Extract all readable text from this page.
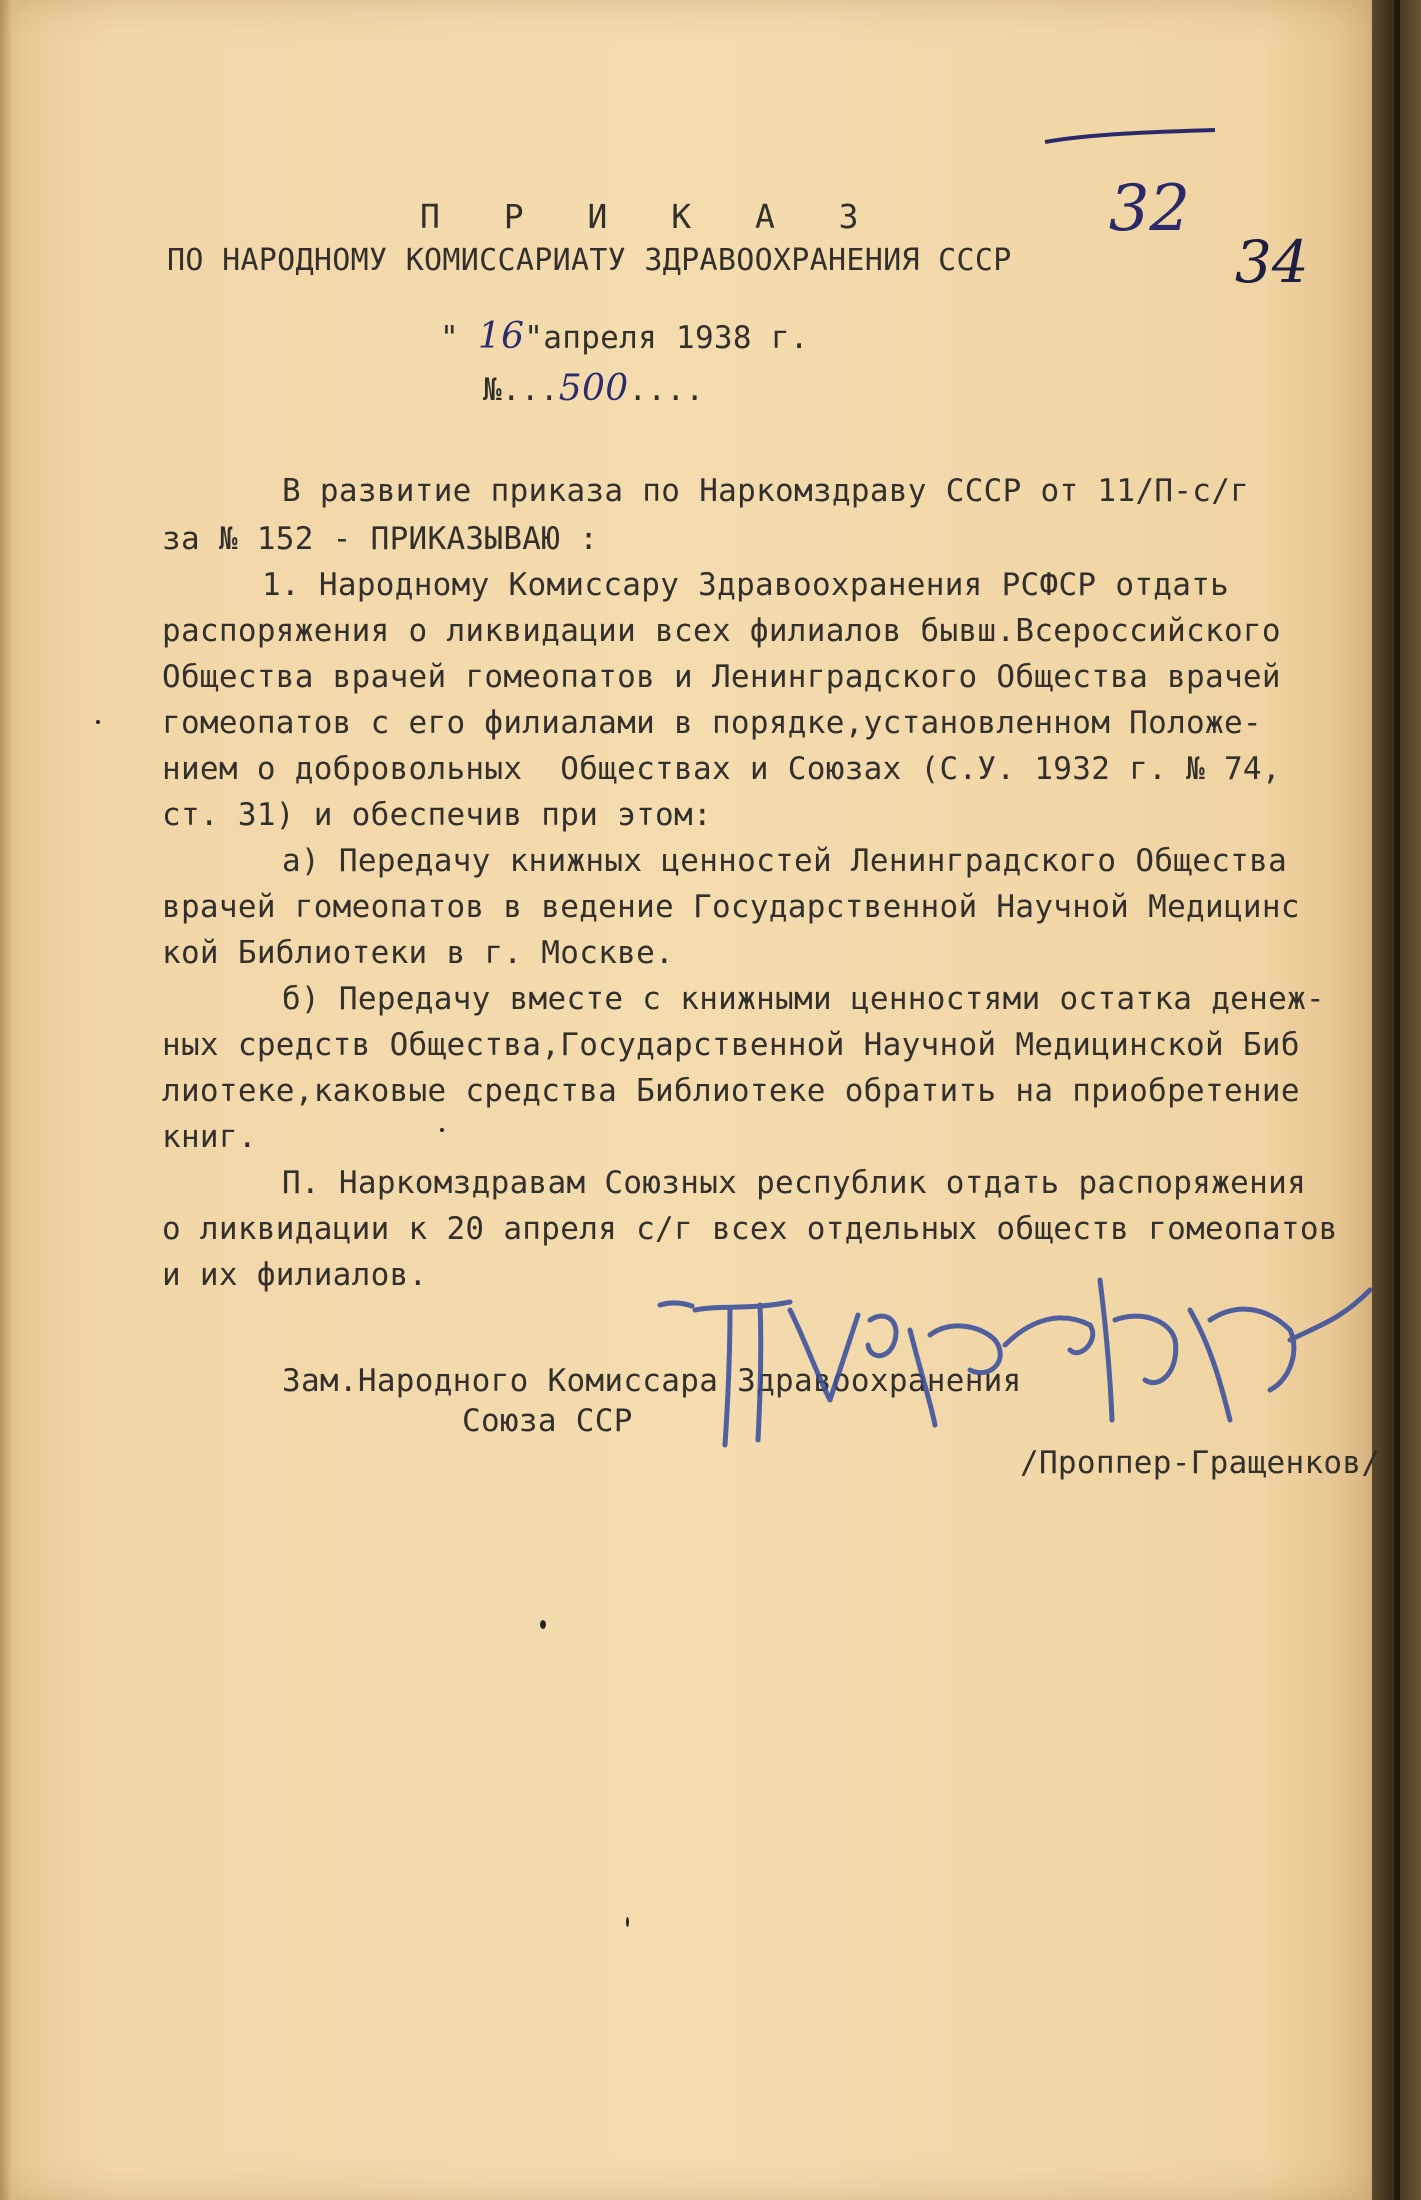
32

34

П Р И К А З
ПО НАРОДНОМУ КОМИССАРИАТУ ЗДРАВООХРАНЕНИЯ СССР

" 16"апреля 1938 г.

№...500....

В развитие приказа по Наркомздраву СССР от 11/П-с/г
за № 152 - ПРИКАЗЫВАЮ :
1. Народному Комиссару Здравоохранения РСФСР отдать
распоряжения о ликвидации всех филиалов бывш.Всероссийского
Общества врачей гомеопатов и Ленинградского Общества врачей
гомеопатов с его филиалами в порядке,установленном Положе-
нием о добровольных  Обществах и Союзах (С.У. 1932 г. № 74,
ст. 31) и обеспечив при этом:
а) Передачу книжных ценностей Ленинградского Общества
врачей гомеопатов в ведение Государственной Научной Медицинс
кой Библиотеки в г. Москве.
б) Передачу вместе с книжными ценностями остатка денеж-
ных средств Общества,Государственной Научной Медицинской Биб
лиотеке,каковые средства Библиотеке обратить на приобретение
книг.
П. Наркомздравам Союзных республик отдать распоряжения
о ликвидации к 20 апреля с/г всех отдельных обществ гомеопатов
и их филиалов.
Зам.Народного Комиссара Здравоохранения
Союза ССР
/Проппер-Гращенков/
